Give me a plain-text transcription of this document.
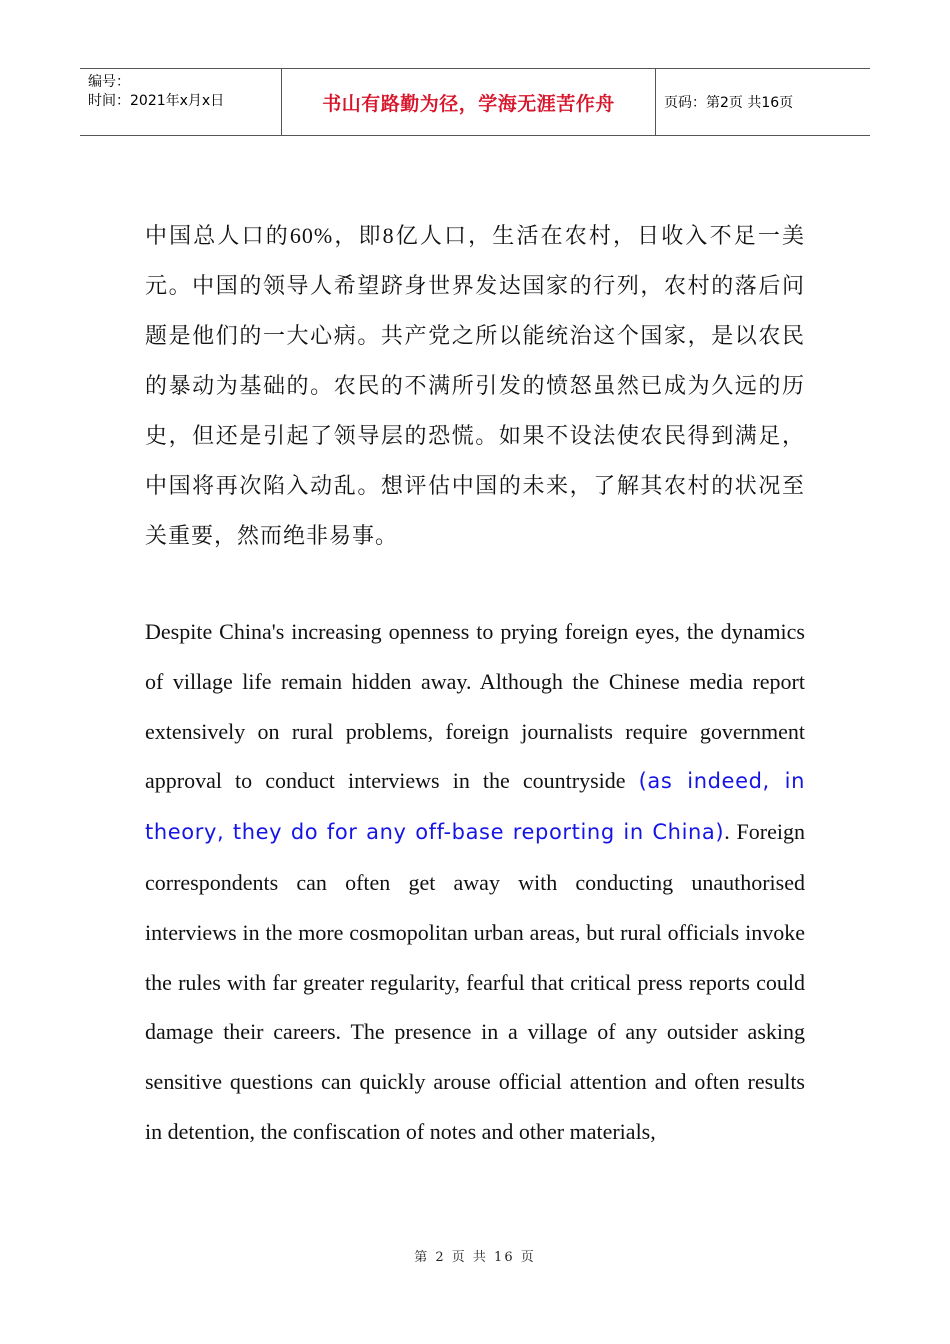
编号：
时间：2021年x月x日	书山有路勤为径，学海无涯苦作舟	页码：第2页 共16页
中国总人口的60%，即8亿人口，生活在农村，日收入不足一美元。中国的领导人希望跻身世界发达国家的行列，农村的落后问题是他们的一大心病。共产党之所以能统治这个国家，是以农民的暴动为基础的。农民的不满所引发的愤怒虽然已成为久远的历史，但还是引起了领导层的恐慌。如果不设法使农民得到满足，中国将再次陷入动乱。想评估中国的未来，了解其农村的状况至关重要，然而绝非易事。
Despite China's increasing openness to prying foreign eyes, the dynamics of village life remain hidden away. Although the Chinese media report extensively on rural problems, foreign journalists require government approval to conduct interviews in the countryside (as indeed, in theory, they do for any off-base reporting in China). Foreign correspondents can often get away with conducting unauthorised interviews in the more cosmopolitan urban areas, but rural officials invoke the rules with far greater regularity, fearful that critical press reports could damage their careers. The presence in a village of any outsider asking sensitive questions can quickly arouse official attention and often results in detention, the confiscation of notes and other materials,
第 2 页 共 16 页
